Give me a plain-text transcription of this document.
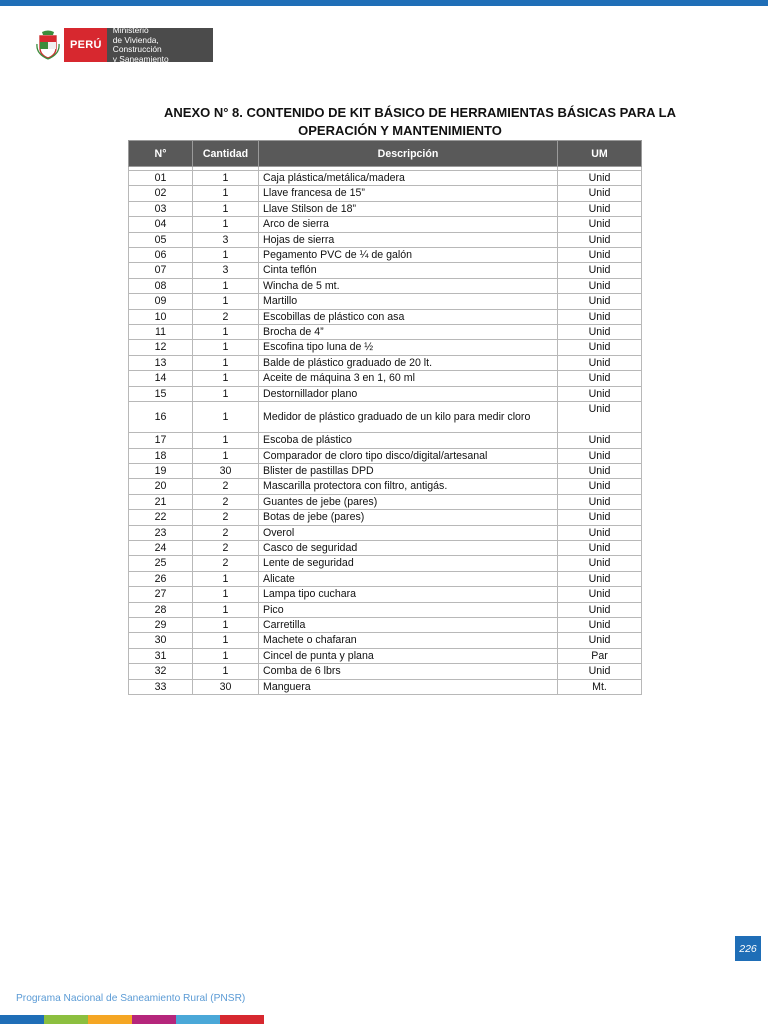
PERÚ
Ministerio
de Vivienda, Construcción
y Saneamiento
ANEXO N° 8. CONTENIDO DE KIT BÁSICO DE HERRAMIENTAS BÁSICAS PARA LA
OPERACIÓN Y MANTENIMIENTO
N°	Cantidad	Descripción	UM

01	1	Caja plástica/metálica/madera	Unid
02	1	Llave francesa de 15”	Unid
03	1	Llave Stilson de 18”	Unid
04	1	Arco de sierra	Unid
05	3	Hojas de sierra	Unid
06	1	Pegamento PVC de ¼ de galón	Unid
07	3	Cinta teflón	Unid
08	1	Wincha de 5 mt.	Unid
09	1	Martillo	Unid
10	2	Escobillas de plástico con asa	Unid
11	1	Brocha de 4”	Unid
12	1	Escofina tipo luna de ½	Unid
13	1	Balde de plástico graduado de 20 lt.	Unid
14	1	Aceite de máquina 3 en 1, 60 ml	Unid
15	1	Destornillador plano	Unid
16	1	Medidor de plástico graduado de un kilo para medir cloro	Unid
17	1	Escoba de plástico	Unid
18	1	Comparador de cloro tipo disco/digital/artesanal	Unid
19	30	Blister de pastillas DPD	Unid
20	2	Mascarilla protectora con filtro, antigás.	Unid
21	2	Guantes de jebe (pares)	Unid
22	2	Botas de jebe (pares)	Unid
23	2	Overol	Unid
24	2	Casco de seguridad	Unid
25	2	Lente de seguridad	Unid
26	1	Alicate	Unid
27	1	Lampa tipo cuchara	Unid
28	1	Pico	Unid
29	1	Carretilla	Unid
30	1	Machete o chafaran	Unid
31	1	Cincel de punta y plana	Par
32	1	Comba de 6 lbrs	Unid
33	30	Manguera	Mt.
226
Programa Nacional de Saneamiento Rural (PNSR)
